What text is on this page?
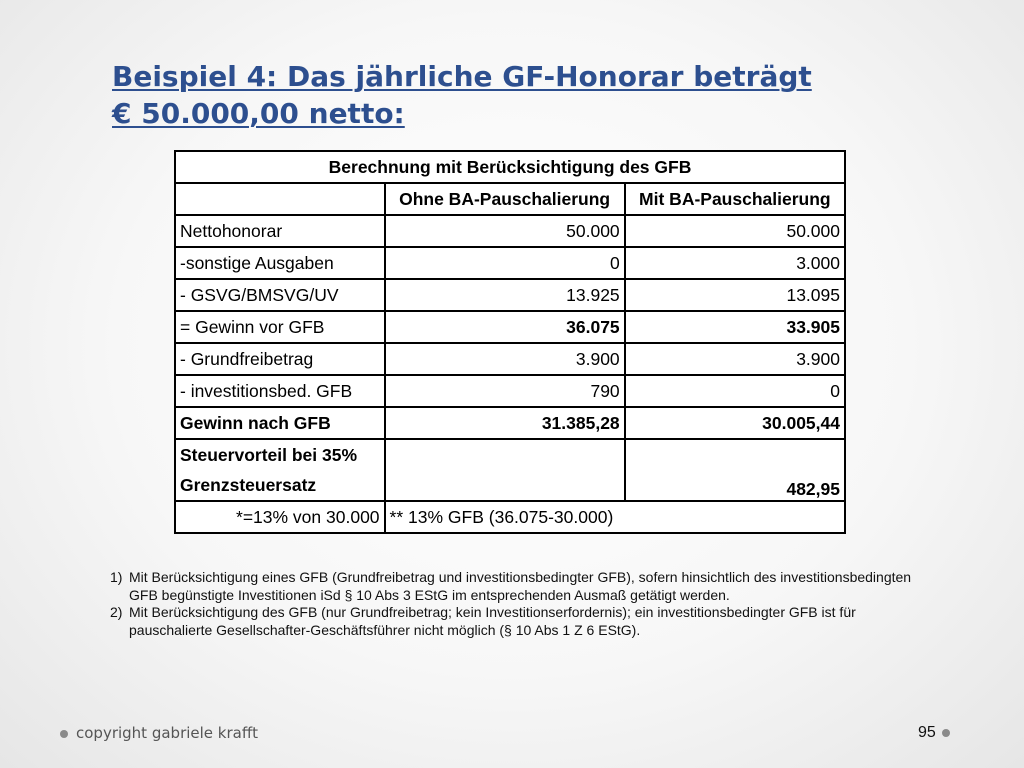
Beispiel 4: Das jährliche GF-Honorar beträgt
€ 50.000,00 netto:
Berechnung mit Berücksichtigung des GFB		
	Ohne BA-Pauschalierung	Mit BA-Pauschalierung
Nettohonorar	50.000	50.000
-sonstige Ausgaben	0	3.000
- GSVG/BMSVG/UV	13.925	13.095
= Gewinn vor GFB	36.075	33.905
- Grundfreibetrag	3.900	3.900
- investitionsbed. GFB	790	0
Gewinn nach GFB	31.385,28	30.005,44

Steuervorteil bei 35%
Grenzsteuersatz		482,95
*=13% von 30.000	** 13% GFB (36.075-30.000)	
1) Mit Berücksichtigung eines GFB (Grundfreibetrag und investitionsbedingter GFB), sofern hinsichtlich des investitionsbedingten GFB begünstigte Investitionen iSd § 10 Abs 3 EStG im entsprechenden Ausmaß getätigt werden.
2) Mit Berücksichtigung des GFB (nur Grundfreibetrag; kein Investitionserfordernis); ein investitionsbedingter GFB ist für pauschalierte Gesellschafter-Geschäftsführer nicht möglich (§ 10 Abs 1 Z 6 EStG).
copyright gabriele krafft	95
